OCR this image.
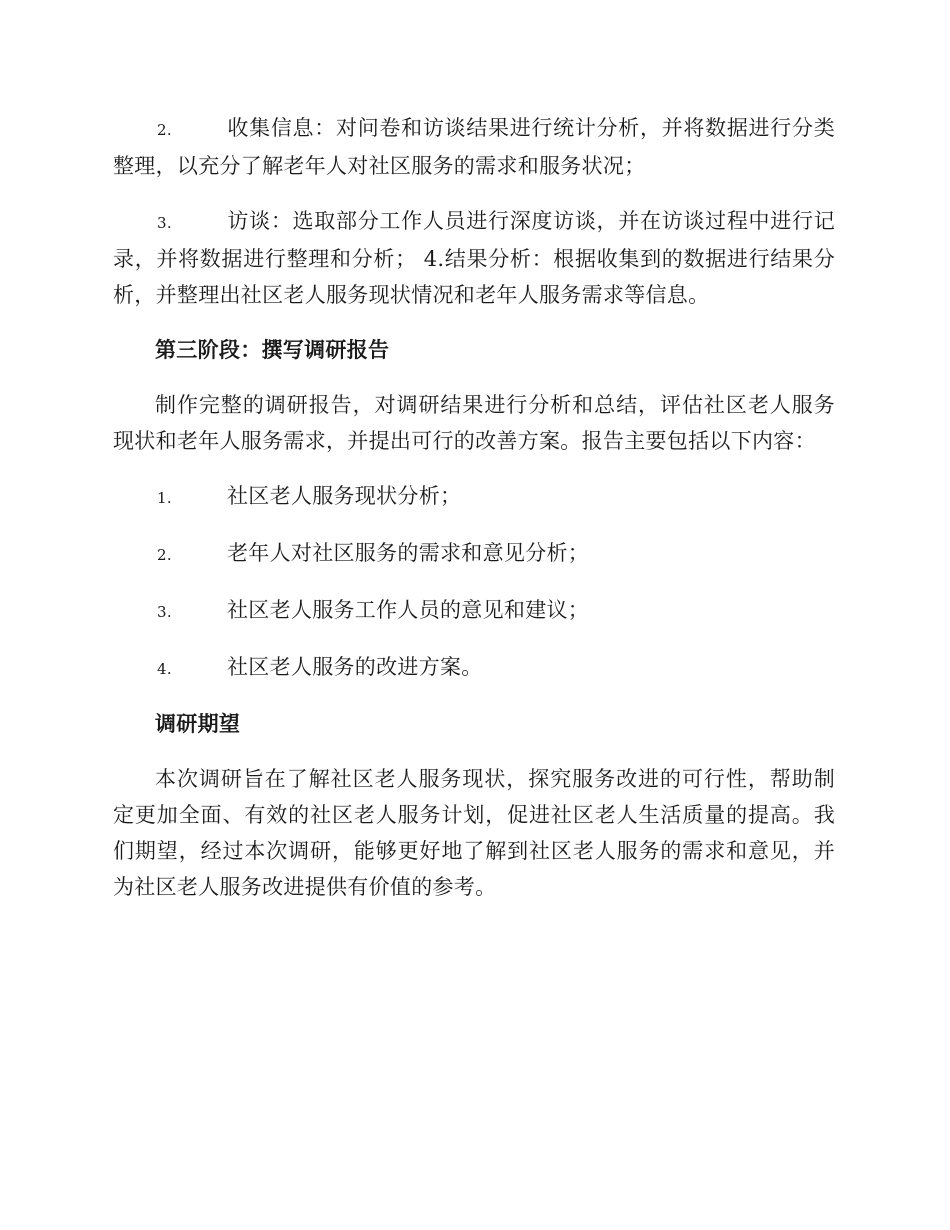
2.	收集信息：对问卷和访谈结果进行统计分析，并将数据进行分类整理，以充分了解老年人对社区服务的需求和服务状况；

3.	访谈：选取部分工作人员进行深度访谈，并在访谈过程中进行记录，并将数据进行整理和分析； 4.结果分析：根据收集到的数据进行结果分析，并整理出社区老人服务现状情况和老年人服务需求等信息。

第三阶段：撰写调研报告

制作完整的调研报告，对调研结果进行分析和总结，评估社区老人服务现状和老年人服务需求，并提出可行的改善方案。报告主要包括以下内容：

1.	社区老人服务现状分析；
2.	老年人对社区服务的需求和意见分析；
3.	社区老人服务工作人员的意见和建议；
4.	社区老人服务的改进方案。
调研期望

本次调研旨在了解社区老人服务现状，探究服务改进的可行性，帮助制定更加全面、有效的社区老人服务计划，促进社区老人生活质量的提高。我们期望，经过本次调研，能够更好地了解到社区老人服务的需求和意见，并为社区老人服务改进提供有价值的参考。
